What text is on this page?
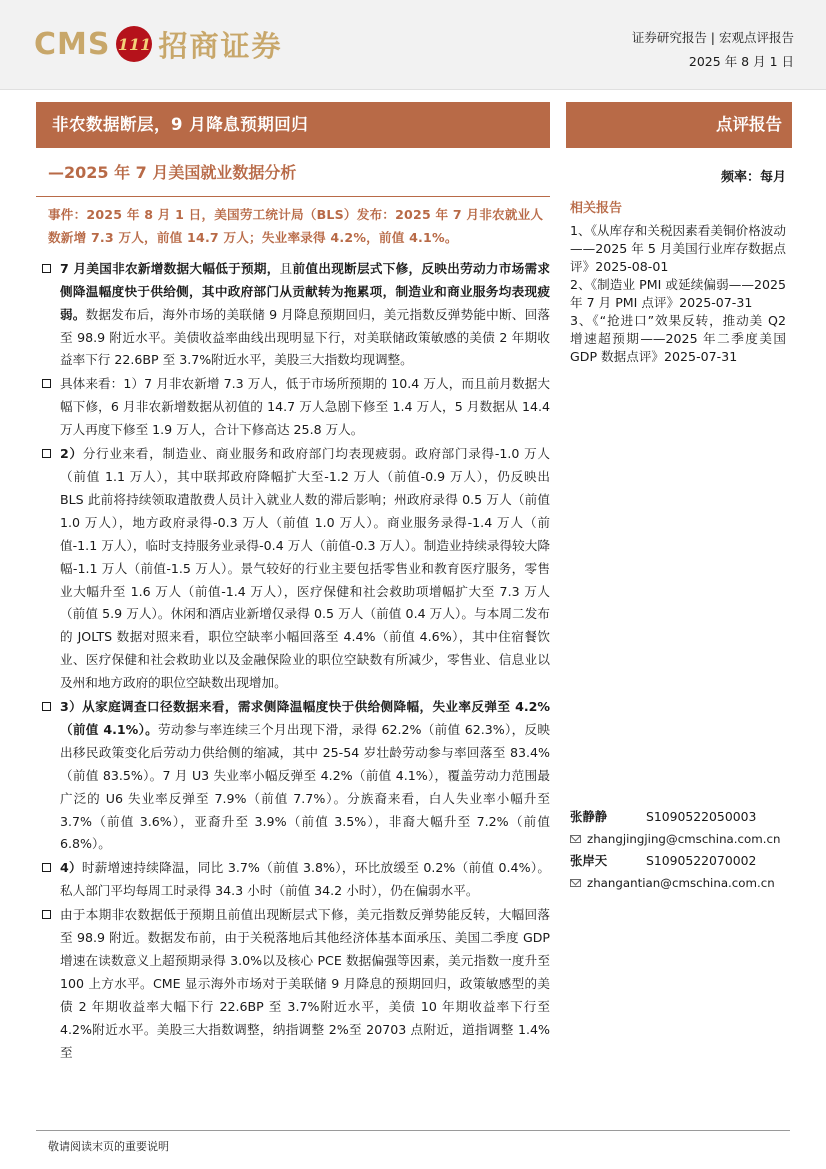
CMS 111 招商证券	证券研究报告 | 宏观点评报告
2025 年 8 月 1 日
非农数据断层，9 月降息预期回归	点评报告
—2025 年 7 月美国就业数据分析	频率：每月

事件：2025 年 8 月 1 日，美国劳工统计局（BLS）发布：2025 年 7 月非农就业人数新增 7.3 万人，前值 14.7 万人；失业率录得 4.2%，前值 4.1%。

7 月美国非农新增数据大幅低于预期，且前值出现断层式下修，反映出劳动力市场需求侧降温幅度快于供给侧，其中政府部门从贡献转为拖累项，制造业和商业服务均表现疲弱。数据发布后，海外市场的美联储 9 月降息预期回归，美元指数反弹势能中断、回落至 98.9 附近水平。美债收益率曲线出现明显下行，对美联储政策敏感的美债 2 年期收益率下行 22.6BP 至 3.7%附近水平，美股三大指数均现调整。
具体来看：1）7 月非农新增 7.3 万人，低于市场所预期的 10.4 万人，而且前月数据大幅下修，6 月非农新增数据从初值的 14.7 万人急剧下修至 1.4 万人，5 月数据从 14.4 万人再度下修至 1.9 万人，合计下修高达 25.8 万人。
2）分行业来看，制造业、商业服务和政府部门均表现疲弱。政府部门录得-1.0 万人（前值 1.1 万人），其中联邦政府降幅扩大至-1.2 万人（前值-0.9 万人），仍反映出 BLS 此前将持续领取遣散费人员计入就业人数的滞后影响；州政府录得 0.5 万人（前值 1.0 万人），地方政府录得-0.3 万人（前值 1.0 万人）。商业服务录得-1.4 万人（前值-1.1 万人），临时支持服务业录得-0.4 万人（前值-0.3 万人）。制造业持续录得较大降幅-1.1 万人（前值-1.5 万人）。景气较好的行业主要包括零售业和教育医疗服务，零售业大幅升至 1.6 万人（前值-1.4 万人），医疗保健和社会救助项增幅扩大至 7.3 万人（前值 5.9 万人）。休闲和酒店业新增仅录得 0.5 万人（前值 0.4 万人）。与本周二发布的 JOLTS 数据对照来看，职位空缺率小幅回落至 4.4%（前值 4.6%），其中住宿餐饮业、医疗保健和社会救助业以及金融保险业的职位空缺数有所减少，零售业、信息业以及州和地方政府的职位空缺数出现增加。
3）从家庭调查口径数据来看，需求侧降温幅度快于供给侧降幅，失业率反弹至 4.2%（前值 4.1%）。劳动参与率连续三个月出现下滑，录得 62.2%（前值 62.3%），反映出移民政策变化后劳动力供给侧的缩减，其中 25-54 岁壮龄劳动参与率回落至 83.4%（前值 83.5%）。7 月 U3 失业率小幅反弹至 4.2%（前值 4.1%），覆盖劳动力范围最广泛的 U6 失业率反弹至 7.9%（前值 7.7%）。分族裔来看，白人失业率小幅升至 3.7%（前值 3.6%），亚裔升至 3.9%（前值 3.5%），非裔大幅升至 7.2%（前值 6.8%）。
4）时薪增速持续降温，同比 3.7%（前值 3.8%），环比放缓至 0.2%（前值 0.4%）。私人部门平均每周工时录得 34.3 小时（前值 34.2 小时），仍在偏弱水平。
由于本期非农数据低于预期且前值出现断层式下修，美元指数反弹势能反转，大幅回落至 98.9 附近。数据发布前，由于关税落地后其他经济体基本面承压、美国二季度 GDP 增速在读数意义上超预期录得 3.0%以及核心 PCE 数据偏强等因素，美元指数一度升至 100 上方水平。CME 显示海外市场对于美联储 9 月降息的预期回归，政策敏感型的美债 2 年期收益率大幅下行 22.6BP 至 3.7%附近水平，美债 10 年期收益率下行至 4.2%附近水平。美股三大指数调整，纳指调整 2%至 20703 点附近，道指调整 1.4%至
相关报告
1、《从库存和关税因素看美铜价格波动——2025 年 5 月美国行业库存数据点评》2025-08-01
2、《制造业 PMI 或延续偏弱——2025 年 7 月 PMI 点评》2025-07-31
3、《“抢进口”效果反转，推动美 Q2 增速超预期——2025 年二季度美国 GDP 数据点评》2025-07-31
张静静	S1090522050003
zhangjingjing@cmschina.com.cn
张岸天	S1090522070002
zhangantian@cmschina.com.cn
敬请阅读末页的重要说明
